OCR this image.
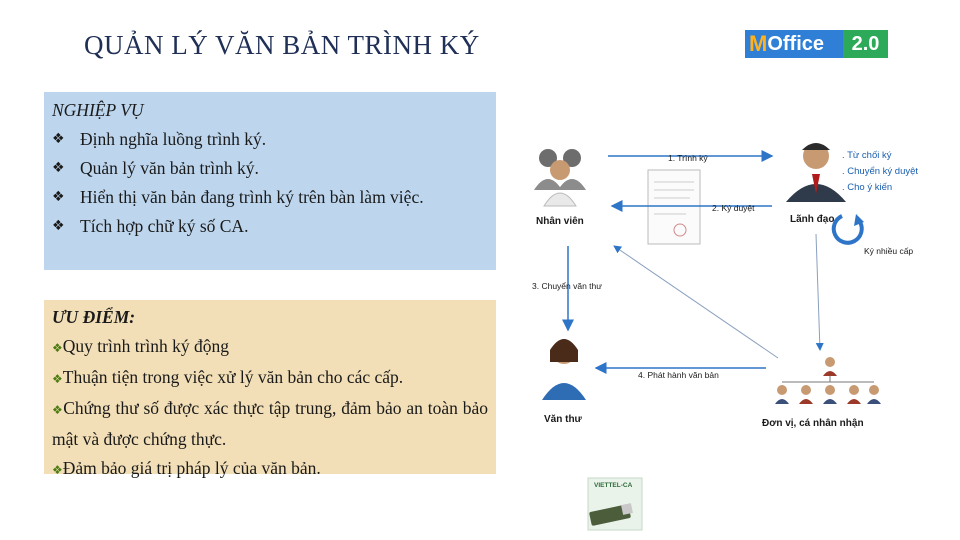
QUẢN LÝ VĂN BẢN TRÌNH KÝ	M Office	2.0
NGHIỆP VỤ
❖ Định nghĩa luồng trình ký.
❖ Quản lý văn bản trình ký.
❖ Hiển thị văn bản đang trình ký trên bàn làm việc.
❖ Tích hợp chữ ký số CA.
ƯU ĐIỂM:
❖Quy trình trình ký động
❖Thuận tiện trong việc xử lý văn bản cho các cấp.
❖Chứng thư số được xác thực tập trung, đảm bảo an toàn bảo mật và được chứng thực.
❖Đảm bảo giá trị pháp lý của văn bản.
1. Trình ký
2. Ký duyệt
3. Chuyển văn thư
4. Phát hành văn bản
Ký nhiều cấp
Nhân viên	Lãnh đạo
Văn thư	Đơn vị, cá nhân nhận
. Từ chối ký
. Chuyển ký duyệt
. Cho ý kiến
VIETTEL-CA
